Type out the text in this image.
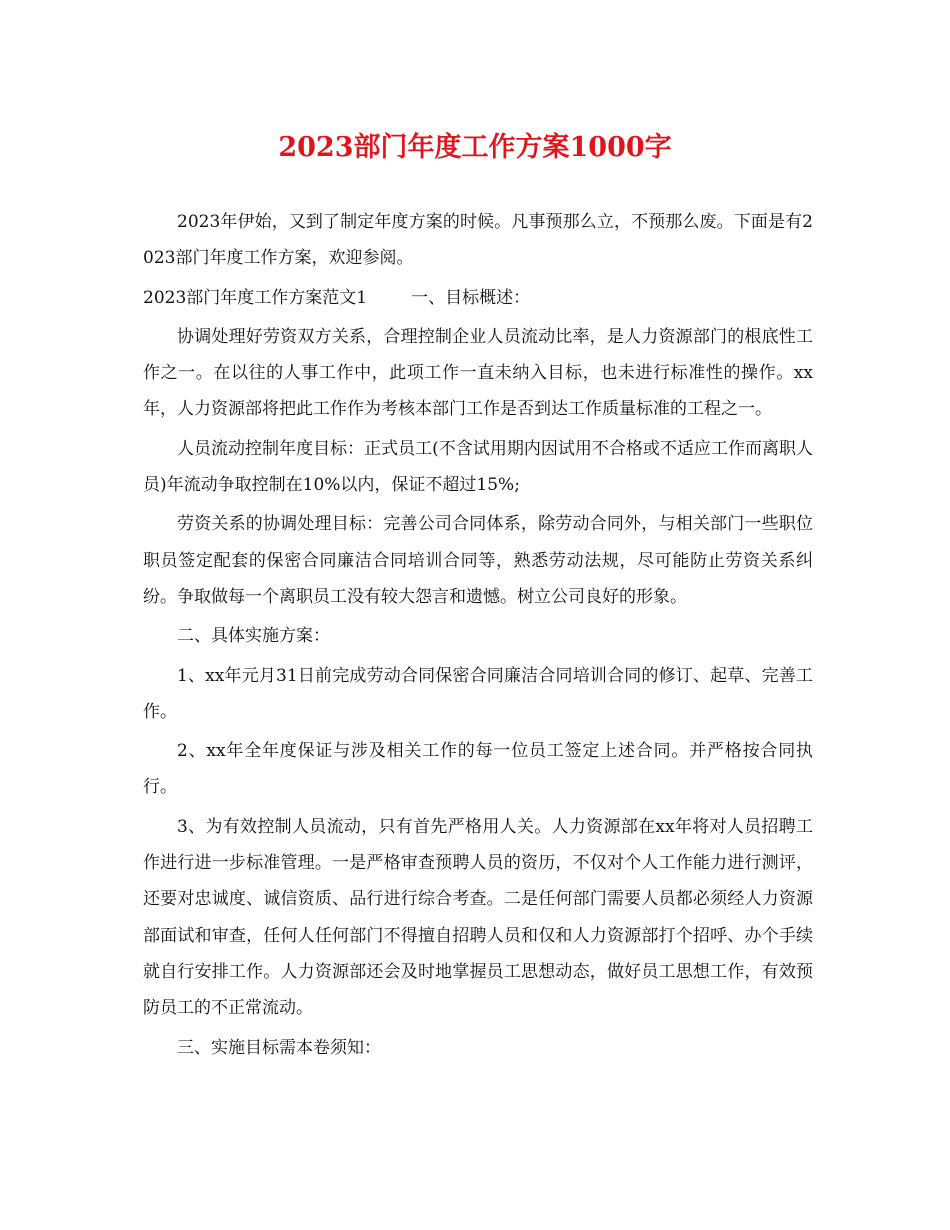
2023部门年度工作方案1000字

2023年伊始，又到了制定年度方案的时候。凡事预那么立，不预那么废。下面是有2023部门年度工作方案，欢迎参阅。

2023部门年度工作方案范文1	一、目标概述：

协调处理好劳资双方关系，合理控制企业人员流动比率，是人力资源部门的根底性工作之一。在以往的人事工作中，此项工作一直未纳入目标，也未进行标准性的操作。xx年，人力资源部将把此工作作为考核本部门工作是否到达工作质量标准的工程之一。

人员流动控制年度目标：正式员工(不含试用期内因试用不合格或不适应工作而离职人员)年流动争取控制在10%以内，保证不超过15%;

劳资关系的协调处理目标：完善公司合同体系，除劳动合同外，与相关部门一些职位职员签定配套的保密合同廉洁合同培训合同等，熟悉劳动法规，尽可能防止劳资关系纠纷。争取做每一个离职员工没有较大怨言和遗憾。树立公司良好的形象。

二、具体实施方案：

1、xx年元月31日前完成劳动合同保密合同廉洁合同培训合同的修订、起草、完善工作。

2、xx年全年度保证与涉及相关工作的每一位员工签定上述合同。并严格按合同执行。

3、为有效控制人员流动，只有首先严格用人关。人力资源部在xx年将对人员招聘工作进行进一步标准管理。一是严格审查预聘人员的资历，不仅对个人工作能力进行测评，还要对忠诚度、诚信资质、品行进行综合考查。二是任何部门需要人员都必须经人力资源部面试和审查，任何人任何部门不得擅自招聘人员和仅和人力资源部打个招呼、办个手续就自行安排工作。人力资源部还会及时地掌握员工思想动态，做好员工思想工作，有效预防员工的不正常流动。

三、实施目标需本卷须知：
